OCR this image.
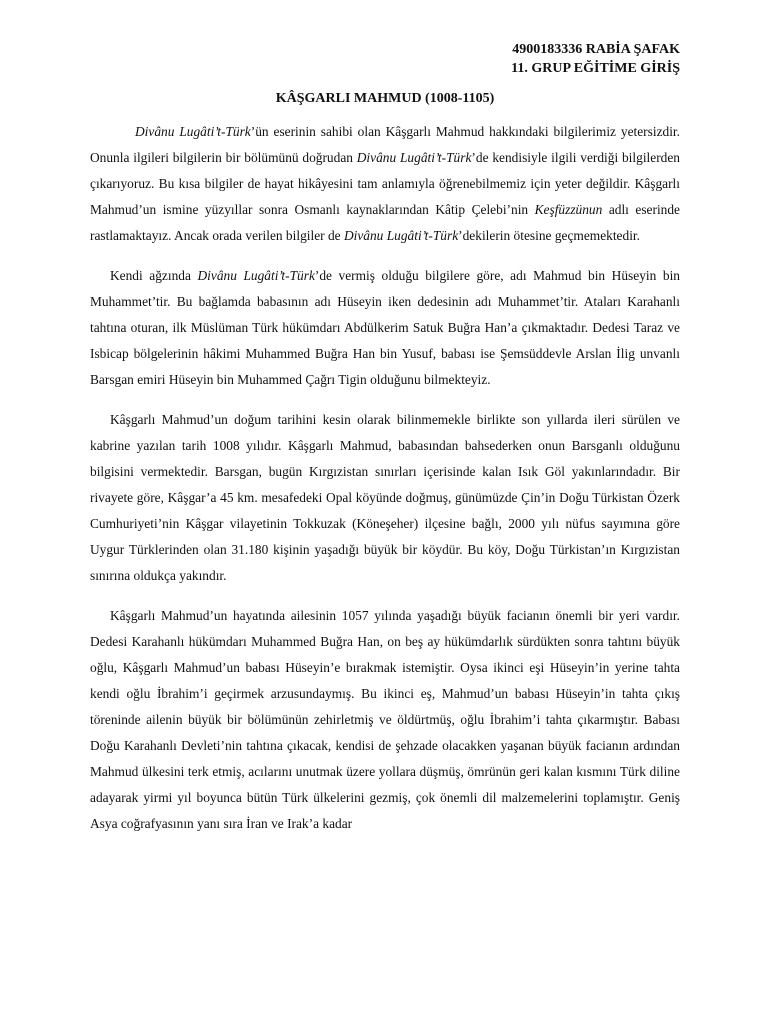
4900183336 RABİA ŞAFAK
11. GRUP EĞİTİME GİRİŞ
KÂŞGARLI MAHMUD (1008-1105)

Divânu Lugâti’t-Türk’ün eserinin sahibi olan Kâşgarlı Mahmud hakkındaki bilgilerimiz yetersizdir. Onunla ilgileri bilgilerin bir bölümünü doğrudan Divânu Lugâti’t-Türk’de kendisiyle ilgili verdiği bilgilerden çıkarıyoruz. Bu kısa bilgiler de hayat hikâyesini tam anlamıyla öğrenebilmemiz için yeter değildir. Kâşgarlı Mahmud’un ismine yüzyıllar sonra Osmanlı kaynaklarından Kâtip Çelebi’nin Keşfüzzünun adlı eserinde rastlamaktayız. Ancak orada verilen bilgiler de Divânu Lugâti’t-Türk’dekilerin ötesine geçmemektedir.

Kendi ağzında Divânu Lugâti’t-Türk’de vermiş olduğu bilgilere göre, adı Mahmud bin Hüseyin bin Muhammet’tir. Bu bağlamda babasının adı Hüseyin iken dedesinin adı Muhammet’tir. Ataları Karahanlı tahtına oturan, ilk Müslüman Türk hükümdarı Abdülkerim Satuk Buğra Han’a çıkmaktadır. Dedesi Taraz ve Isbicap bölgelerinin hâkimi Muhammed Buğra Han bin Yusuf, babası ise Şemsüddevle Arslan İlig unvanlı Barsgan emiri Hüseyin bin Muhammed Çağrı Tigin olduğunu bilmekteyiz.

Kâşgarlı Mahmud’un doğum tarihini kesin olarak bilinmemekle birlikte son yıllarda ileri sürülen ve kabrine yazılan tarih 1008 yılıdır. Kâşgarlı Mahmud, babasından bahsederken onun Barsganlı olduğunu bilgisini vermektedir. Barsgan, bugün Kırgızistan sınırları içerisinde kalan Isık Göl yakınlarındadır. Bir rivayete göre, Kâşgar’a 45 km. mesafedeki Opal köyünde doğmuş, günümüzde Çin’in Doğu Türkistan Özerk Cumhuriyeti’nin Kâşgar vilayetinin Tokkuzak (Köneşeher) ilçesine bağlı, 2000 yılı nüfus sayımına göre Uygur Türklerinden olan 31.180 kişinin yaşadığı büyük bir köydür. Bu köy, Doğu Türkistan’ın Kırgızistan sınırına oldukça yakındır.

Kâşgarlı Mahmud’un hayatında ailesinin 1057 yılında yaşadığı büyük facianın önemli bir yeri vardır. Dedesi Karahanlı hükümdarı Muhammed Buğra Han, on beş ay hükümdarlık sürdükten sonra tahtını büyük oğlu, Kâşgarlı Mahmud’un babası Hüseyin’e bırakmak istemiştir. Oysa ikinci eşi Hüseyin’in yerine tahta kendi oğlu İbrahim’i geçirmek arzusundaymış. Bu ikinci eş, Mahmud’un babası Hüseyin’in tahta çıkış töreninde ailenin büyük bir bölümünün zehirletmiş ve öldürtmüş, oğlu İbrahim’i tahta çıkarmıştır. Babası Doğu Karahanlı Devleti’nin tahtına çıkacak, kendisi de şehzade olacakken yaşanan büyük facianın ardından Mahmud ülkesini terk etmiş, acılarını unutmak üzere yollara düşmüş, ömrünün geri kalan kısmını Türk diline adayarak yirmi yıl boyunca bütün Türk ülkelerini gezmiş, çok önemli dil malzemelerini toplamıştır. Geniş Asya coğrafyasının yanı sıra İran ve Irak’a kadar
